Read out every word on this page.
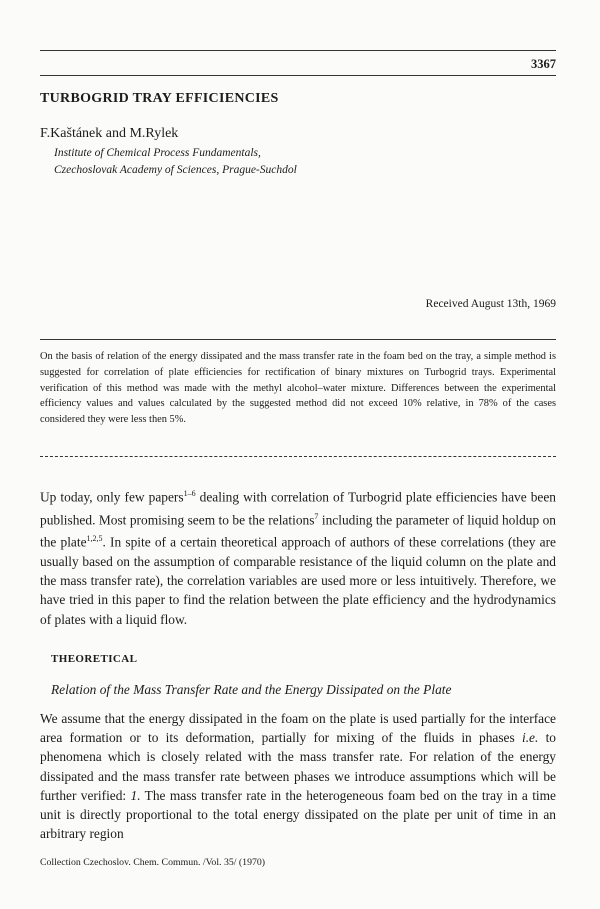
3367
TURBOGRID TRAY EFFICIENCIES
F.Kaštánek and M.Rylek
Institute of Chemical Process Fundamentals,
Czechoslovak Academy of Sciences, Prague-Suchdol
Received August 13th, 1969
On the basis of relation of the energy dissipated and the mass transfer rate in the foam bed on the tray, a simple method is suggested for correlation of plate efficiencies for rectification of binary mixtures on Turbogrid trays. Experimental verification of this method was made with the methyl alcohol–water mixture. Differences between the experimental efficiency values and values calculated by the suggested method did not exceed 10% relative, in 78% of the cases considered they were less then 5%.

Up today, only few papers$^{1-6}$ dealing with correlation of Turbogrid plate efficiencies have been published. Most promising seem to be the relations$^7$ including the parameter of liquid holdup on the plate$^{1,2,5}$. In spite of a certain theoretical approach of authors of these correlations (they are usually based on the assumption of comparable resistance of the liquid column on the plate and the mass transfer rate), the correlation variables are used more or less intuitively. Therefore, we have tried in this paper to find the relation between the plate efficiency and the hydrodynamics of plates with a liquid flow.

THEORETICAL
Relation of the Mass Transfer Rate and the Energy Dissipated on the Plate

We assume that the energy dissipated in the foam on the plate is used partially for the interface area formation or to its deformation, partially for mixing of the fluids in phases i.e. to phenomena which is closely related with the mass transfer rate. For relation of the energy dissipated and the mass transfer rate between phases we introduce assumptions which will be further verified: 1. The mass transfer rate in the heterogeneous foam bed on the tray in a time unit is directly proportional to the total energy dissipated on the plate per unit of time in an arbitrary region

Collection Czechoslov. Chem. Commun. /Vol. 35/ (1970)
